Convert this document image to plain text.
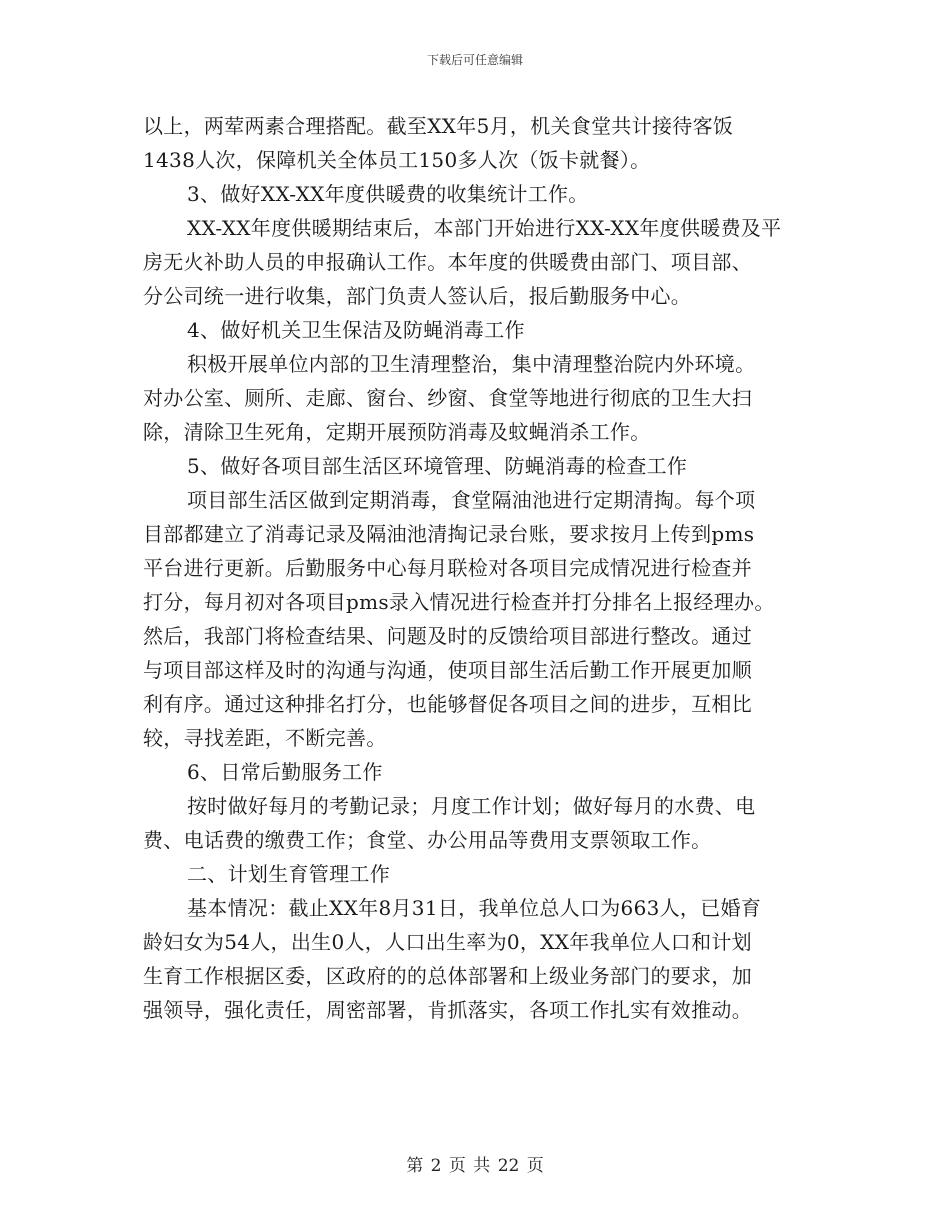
下载后可任意编辑
以上，两荤两素合理搭配。截至XX年5月，机关食堂共计接待客饭
1438人次，保障机关全体员工150多人次（饭卡就餐）。
3、做好XX-XX年度供暖费的收集统计工作。
XX-XX年度供暖期结束后，本部门开始进行XX-XX年度供暖费及平
房无火补助人员的申报确认工作。本年度的供暖费由部门、项目部、
分公司统一进行收集，部门负责人签认后，报后勤服务中心。
4、做好机关卫生保洁及防蝇消毒工作
积极开展单位内部的卫生清理整治，集中清理整治院内外环境。
对办公室、厕所、走廊、窗台、纱窗、食堂等地进行彻底的卫生大扫
除，清除卫生死角，定期开展预防消毒及蚊蝇消杀工作。
5、做好各项目部生活区环境管理、防蝇消毒的检查工作
项目部生活区做到定期消毒，食堂隔油池进行定期清掏。每个项
目部都建立了消毒记录及隔油池清掏记录台账，要求按月上传到pms
平台进行更新。后勤服务中心每月联检对各项目完成情况进行检查并
打分，每月初对各项目pms录入情况进行检查并打分排名上报经理办。
然后，我部门将检查结果、问题及时的反馈给项目部进行整改。通过
与项目部这样及时的沟通与沟通，使项目部生活后勤工作开展更加顺
利有序。通过这种排名打分，也能够督促各项目之间的进步，互相比
较，寻找差距，不断完善。
6、日常后勤服务工作
按时做好每月的考勤记录；月度工作计划；做好每月的水费、电
费、电话费的缴费工作；食堂、办公用品等费用支票领取工作。
二、计划生育管理工作
基本情况：截止XX年8月31日，我单位总人口为663人，已婚育
龄妇女为54人，出生0人，人口出生率为0，XX年我单位人口和计划
生育工作根据区委，区政府的的总体部署和上级业务部门的要求，加
强领导，强化责任，周密部署，肯抓落实，各项工作扎实有效推动。
第 2 页 共 22 页
